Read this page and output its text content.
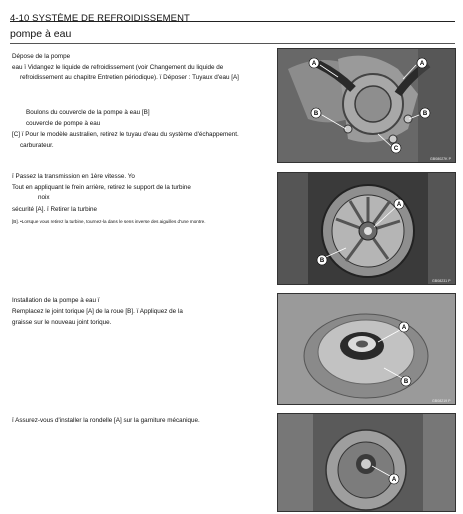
4-10 SYSTÈME DE REFROIDISSEMENT
pompe à eau
Dépose de la pompe
eau ï Vidangez le liquide de refroidissement (voir Changement du liquide de
refroidissement au chapitre Entretien périodique). ï Déposer : Tuyaux d'eau [A]
Boulons du couvercle de la pompe à eau [B]
couvercle de pompe à eau
[C] ï Pour le modèle australien, retirez le tuyau d'eau du système d'échappement.
carburateur.
ï Passez la transmission en 1ère vitesse. Yo
Tout en appliquant le frein arrière, retirez le support de la turbine
noix
sécurité [A]. ï Retirer la turbine
[B]. •Lorsque vous retirez la turbine, tournez-la dans le sens inverse des aiguilles d'une montre.
Installation de la pompe à eau ï
Remplacez le joint torique [A] de la roue [B]. ï Appliquez de la
graisse sur le nouveau joint torique.
ï Assurez-vous d'installer la rondelle [A] sur la garniture mécanique.
A	A
B	B
C
GB08027K P
A
B
GB08231 P
A
B
GB08219 P
A
